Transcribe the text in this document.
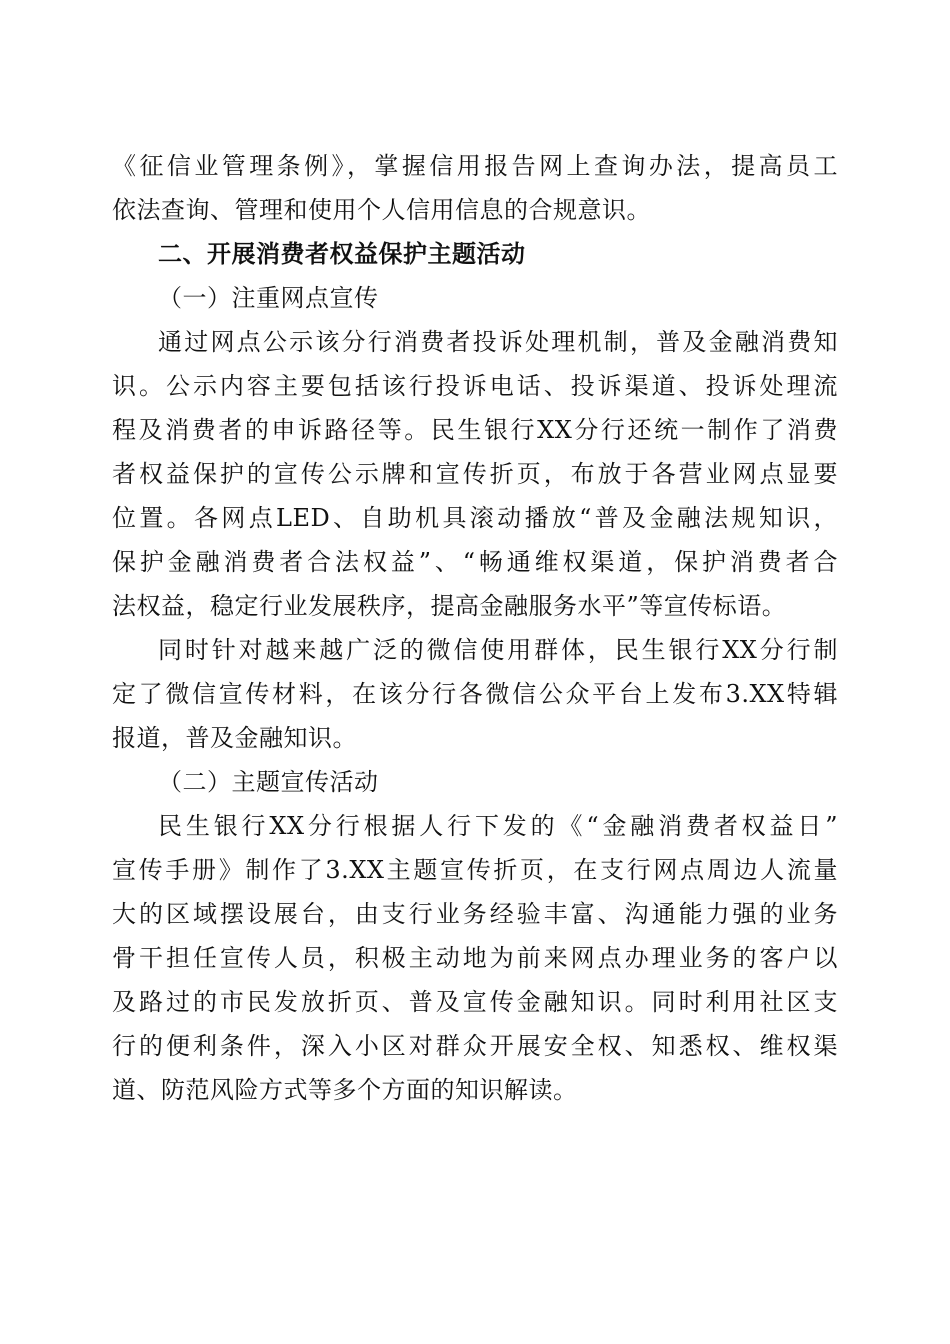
《征信业管理条例》，掌握信用报告网上查询办法，提高员工
依法查询、管理和使用个人信用信息的合规意识。
二、开展消费者权益保护主题活动
（一）注重网点宣传
通过网点公示该分行消费者投诉处理机制，普及金融消费知
识。公示内容主要包括该行投诉电话、投诉渠道、投诉处理流
程及消费者的申诉路径等。民生银行XX分行还统一制作了消费
者权益保护的宣传公示牌和宣传折页，布放于各营业网点显要
位置。各网点LED、自助机具滚动播放“普及金融法规知识，
保护金融消费者合法权益”、“畅通维权渠道，保护消费者合
法权益，稳定行业发展秩序，提高金融服务水平”等宣传标语。
同时针对越来越广泛的微信使用群体，民生银行XX分行制
定了微信宣传材料，在该分行各微信公众平台上发布3.XX特辑
报道，普及金融知识。
（二）主题宣传活动
民生银行XX分行根据人行下发的《“金融消费者权益日”
宣传手册》制作了3.XX主题宣传折页，在支行网点周边人流量
大的区域摆设展台，由支行业务经验丰富、沟通能力强的业务
骨干担任宣传人员，积极主动地为前来网点办理业务的客户以
及路过的市民发放折页、普及宣传金融知识。同时利用社区支
行的便利条件，深入小区对群众开展安全权、知悉权、维权渠
道、防范风险方式等多个方面的知识解读。
